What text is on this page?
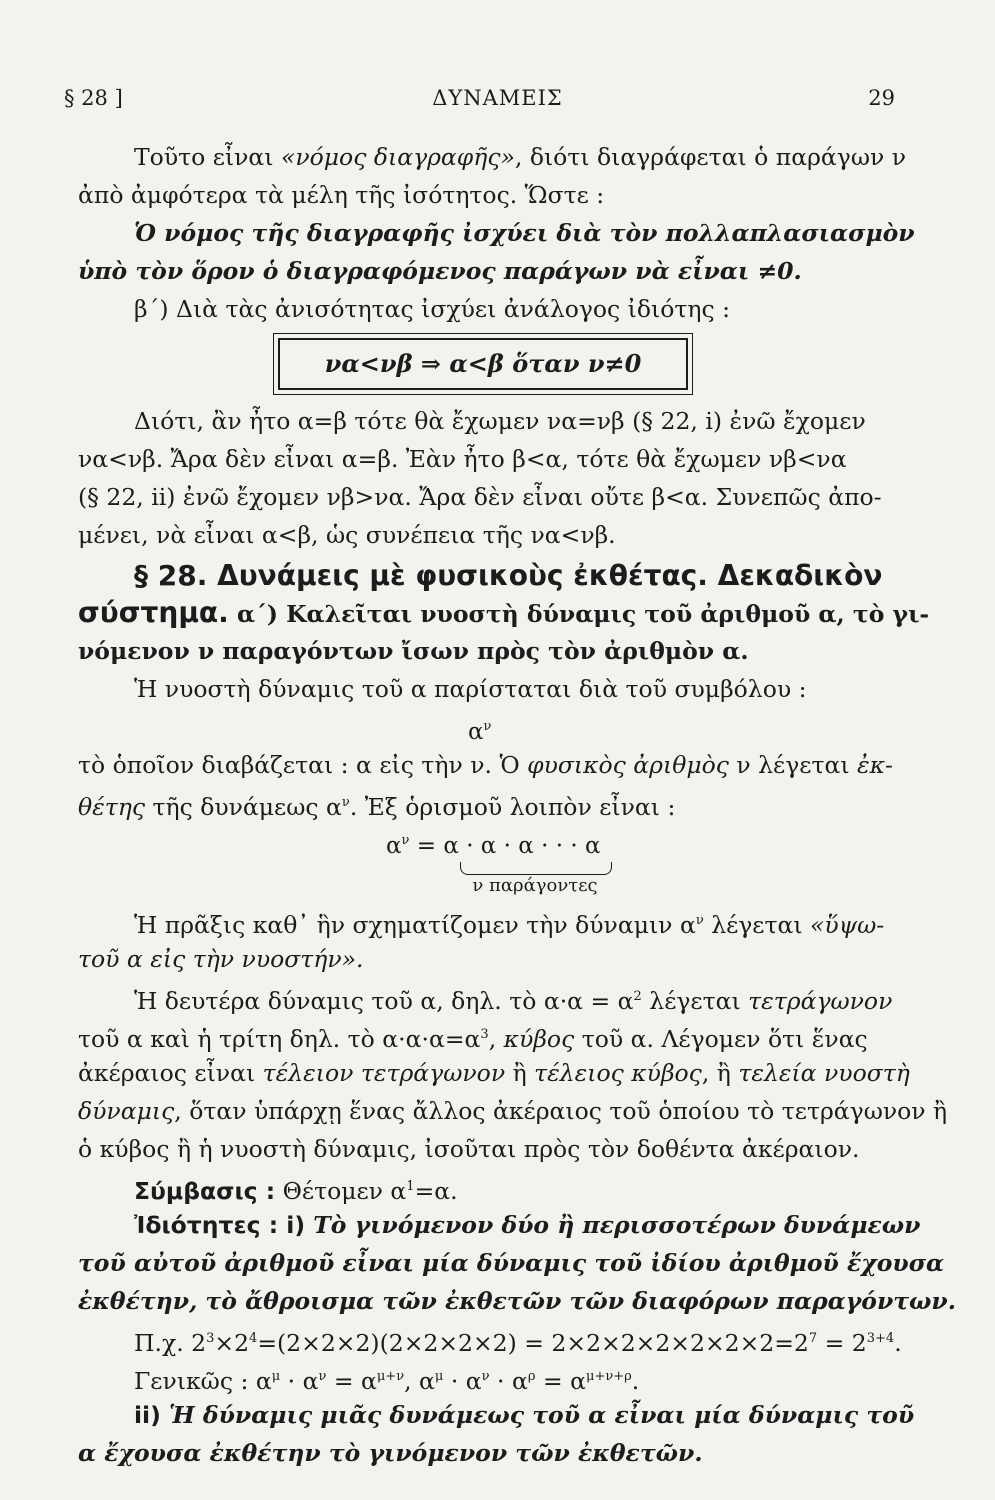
§ 28 ]	ΔΥΝΑΜΕΙΣ	29
Τοῦτο εἶναι «νόμος διαγραφῆς», διότι διαγράφεται ὁ παράγων ν
ἀπὸ ἀμφότερα τὰ μέλη τῆς ἰσότητος. Ὥστε :
Ὁ νόμος τῆς διαγραφῆς ἰσχύει διὰ τὸν πολλαπλασιασμὸν
ὑπὸ τὸν ὅρον ὁ διαγραφόμενος παράγων νὰ εἶναι ≠0.
β΄) Διὰ τὰς ἀνισότητας ἰσχύει ἀνάλογος ἰδιότης :
να<νβ ⇒ α<β ὅταν ν≠0
Διότι, ἂν ἦτο α=β τότε θὰ ἔχωμεν να=νβ (§ 22, i) ἐνῶ ἔχομεν
να<νβ. Ἄρα δὲν εἶναι α=β. Ἐὰν ἦτο β<α, τότε θὰ ἔχωμεν νβ<να
(§ 22, ii) ἐνῶ ἔχομεν νβ>να. Ἄρα δὲν εἶναι οὔτε β<α. Συνεπῶς ἀπο-
μένει, νὰ εἶναι α<β, ὡς συνέπεια τῆς να<νβ.
§ 28. Δυνάμεις μὲ φυσικοὺς ἐκθέτας. Δεκαδικὸν
σύστημα. α΄) Καλεῖται νυοστὴ δύναμις τοῦ ἀριθμοῦ α, τὸ γι-
νόμενον ν παραγόντων ἴσων πρὸς τὸν ἀριθμὸν α.
Ἡ νυοστὴ δύναμις τοῦ α παρίσταται διὰ τοῦ συμβόλου :
$\alpha^\nu$
τὸ ὁποῖον διαβάζεται : α εἰς τὴν ν. Ὁ φυσικὸς ἀριθμὸς ν λέγεται ἐκ-
θέτης τῆς δυνάμεως $\alpha^\nu$. Ἐξ ὁρισμοῦ λοιπὸν εἶναι :
$\alpha^\nu = \alpha \cdot \alpha \cdot \alpha$ · · · α
ν παράγοντες
Ἡ πρᾶξις καθ᾽ ἣν σχηματίζομεν τὴν δύναμιν $\alpha^\nu$ λέγεται «ὕψω-
τοῦ α εἰς τὴν νυοστήν».
Ἡ δευτέρα δύναμις τοῦ α, δηλ. τὸ $\alpha\cdot\alpha = \alpha^2$ λέγεται τετράγωνον
τοῦ α καὶ ἡ τρίτη δηλ. τὸ $\alpha\cdot\alpha\cdot\alpha=\alpha^3$, κύβος τοῦ α. Λέγομεν ὅτι ἕνας
ἀκέραιος εἶναι τέλειον τετράγωνον ἢ τέλειος κύβος, ἢ τελεία νυοστὴ
δύναμις, ὅταν ὑπάρχῃ ἕνας ἄλλος ἀκέραιος τοῦ ὁποίου τὸ τετράγωνον ἢ
ὁ κύβος ἢ ἡ νυοστὴ δύναμις, ἰσοῦται πρὸς τὸν δοθέντα ἀκέραιον.
Σύμβασις : Θέτομεν $\alpha^1=\alpha$.
Ἰδιότητες : i) Τὸ γινόμενον δύο ἢ περισσοτέρων δυνάμεων
τοῦ αὐτοῦ ἀριθμοῦ εἶναι μία δύναμις τοῦ ἰδίου ἀριθμοῦ ἔχουσα
ἐκθέτην, τὸ ἄθροισμα τῶν ἐκθετῶν τῶν διαφόρων παραγόντων.
Π.χ. $2^3\times 2^4=(2\times 2\times 2)(2\times 2\times 2\times 2) = 2\times 2\times 2\times 2\times 2\times 2\times 2=2^7 = 2^{3+4}$.
Γενικῶς : $\alpha^\mu \cdot \alpha^\nu = \alpha^{\mu+\nu}$, $\alpha^\mu \cdot \alpha^\nu \cdot \alpha^\rho = \alpha^{\mu+\nu+\rho}$.
ii) Ἡ δύναμις μιᾶς δυνάμεως τοῦ α εἶναι μία δύναμις τοῦ
α ἔχουσα ἐκθέτην τὸ γινόμενον τῶν ἐκθετῶν.
